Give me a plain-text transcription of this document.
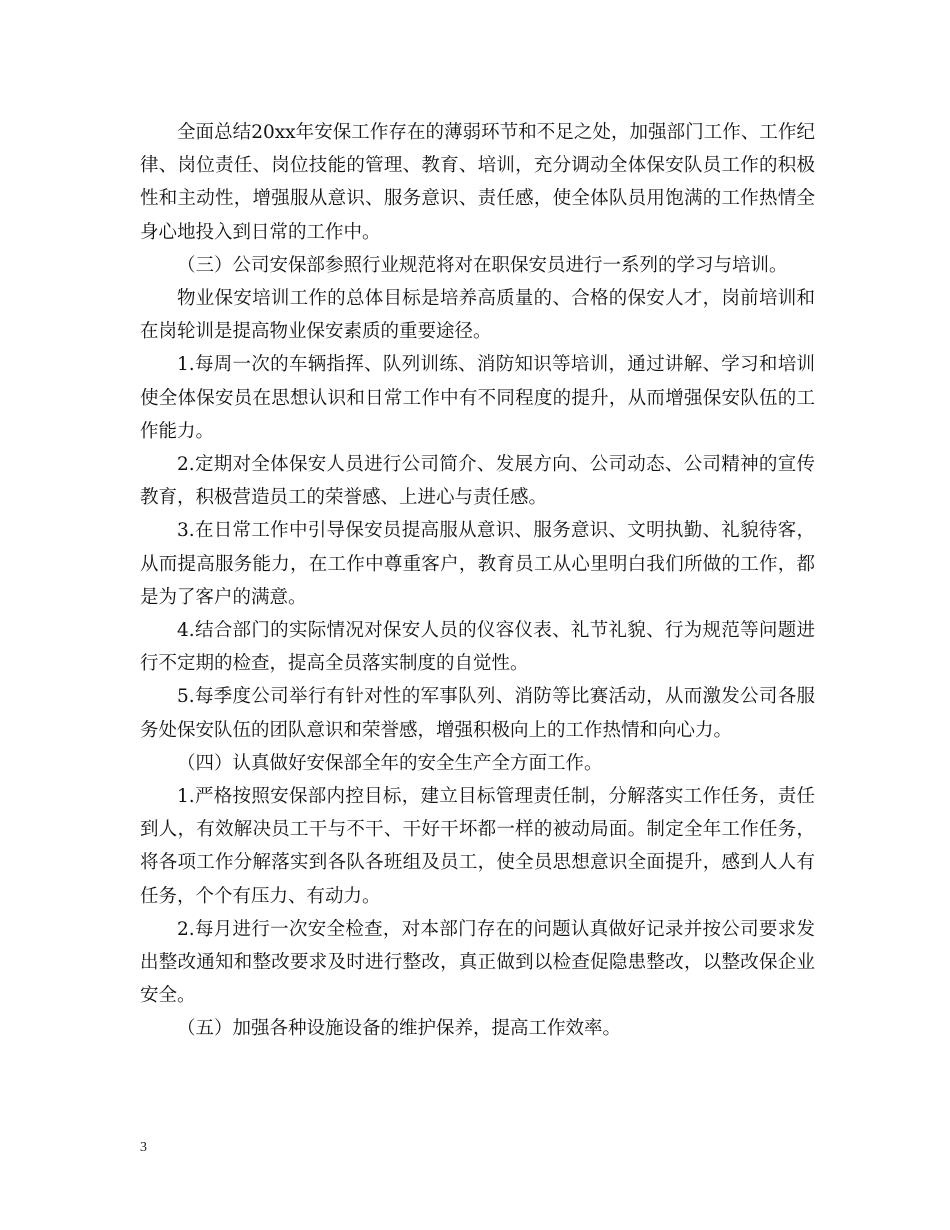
全面总结20xx年安保工作存在的薄弱环节和不足之处，加强部门工作、工作纪律、岗位责任、岗位技能的管理、教育、培训，充分调动全体保安队员工作的积极性和主动性，增强服从意识、服务意识、责任感，使全体队员用饱满的工作热情全身心地投入到日常的工作中。

（三）公司安保部参照行业规范将对在职保安员进行一系列的学习与培训。

物业保安培训工作的总体目标是培养高质量的、合格的保安人才，岗前培训和在岗轮训是提高物业保安素质的重要途径。

1.每周一次的车辆指挥、队列训练、消防知识等培训，通过讲解、学习和培训使全体保安员在思想认识和日常工作中有不同程度的提升，从而增强保安队伍的工作能力。

2.定期对全体保安人员进行公司简介、发展方向、公司动态、公司精神的宣传教育，积极营造员工的荣誉感、上进心与责任感。

3.在日常工作中引导保安员提高服从意识、服务意识、文明执勤、礼貌待客，从而提高服务能力，在工作中尊重客户，教育员工从心里明白我们所做的工作，都是为了客户的满意。

4.结合部门的实际情况对保安人员的仪容仪表、礼节礼貌、行为规范等问题进行不定期的检查，提高全员落实制度的自觉性。

5.每季度公司举行有针对性的军事队列、消防等比赛活动，从而激发公司各服务处保安队伍的团队意识和荣誉感，增强积极向上的工作热情和向心力。

（四）认真做好安保部全年的安全生产全方面工作。

1.严格按照安保部内控目标，建立目标管理责任制，分解落实工作任务，责任到人，有效解决员工干与不干、干好干坏都一样的被动局面。制定全年工作任务，将各项工作分解落实到各队各班组及员工，使全员思想意识全面提升，感到人人有任务，个个有压力、有动力。

2.每月进行一次安全检查，对本部门存在的问题认真做好记录并按公司要求发出整改通知和整改要求及时进行整改，真正做到以检查促隐患整改，以整改保企业安全。

（五）加强各种设施设备的维护保养，提高工作效率。

3
